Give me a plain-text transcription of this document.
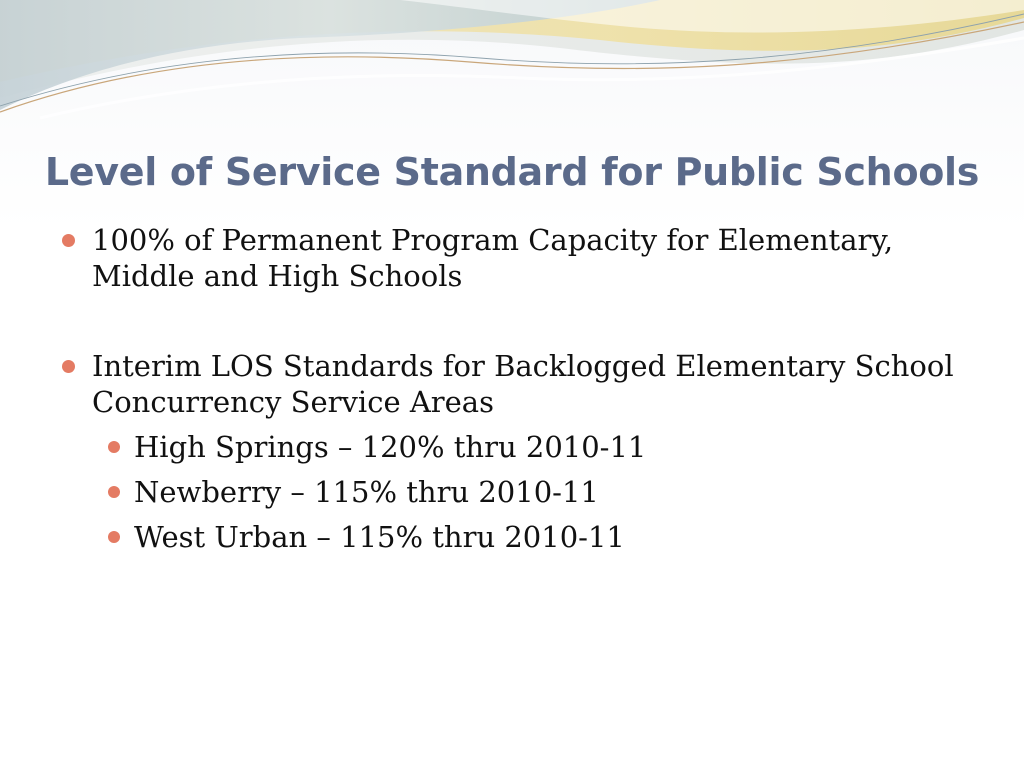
Level of Service Standard for Public Schools
100% of Permanent Program Capacity for Elementary, Middle and High Schools
Interim LOS Standards for Backlogged Elementary School Concurrency Service Areas
High Springs – 120% thru 2010-11
Newberry – 115% thru 2010-11
West Urban – 115% thru 2010-11
